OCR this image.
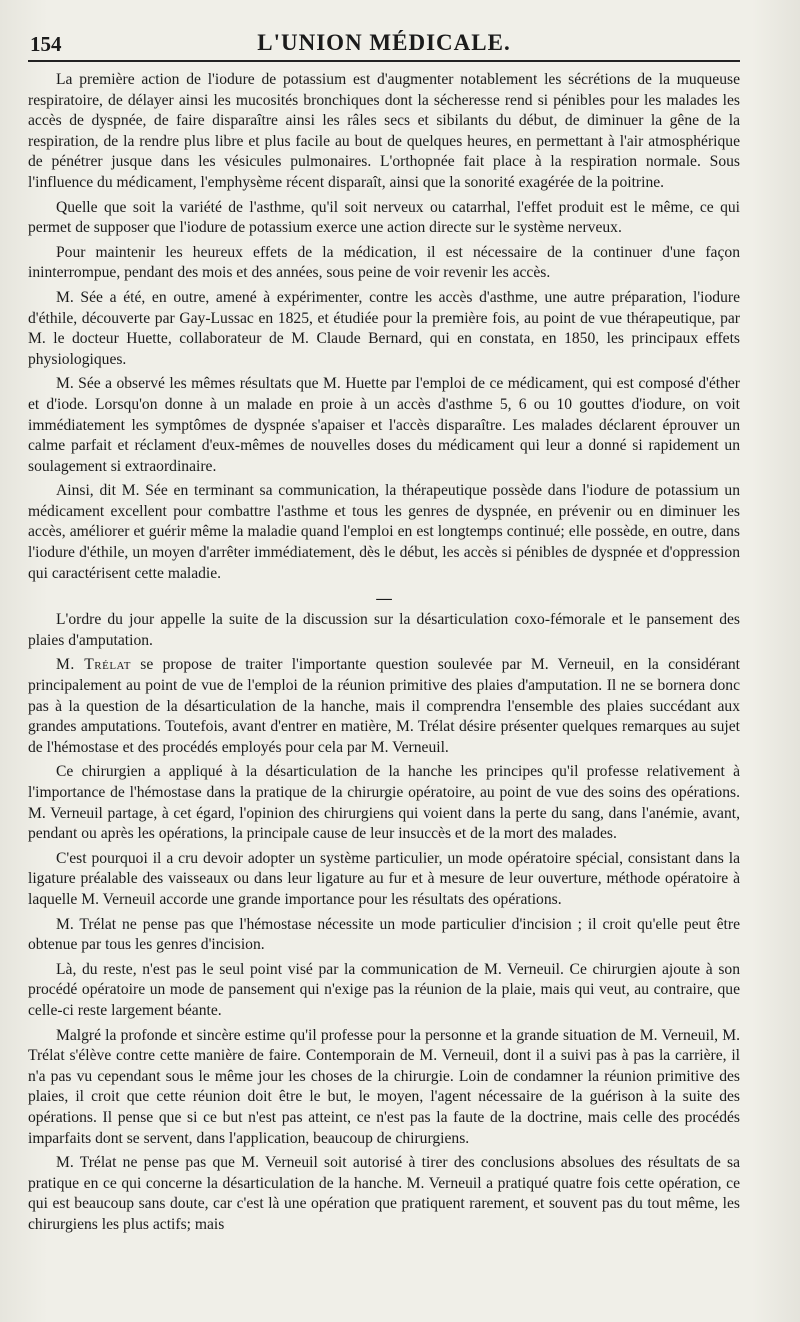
154	L'UNION MÉDICALE.

La première action de l'iodure de potassium est d'augmenter notablement les sécrétions de la muqueuse respiratoire, de délayer ainsi les mucosités bronchiques dont la sécheresse rend si pénibles pour les malades les accès de dyspnée, de faire disparaître ainsi les râles secs et sibilants du début, de diminuer la gêne de la respiration, de la rendre plus libre et plus facile au bout de quelques heures, en permettant à l'air atmosphérique de pénétrer jusque dans les vésicules pulmonaires. L'orthopnée fait place à la respiration normale. Sous l'influence du médicament, l'emphysème récent disparaît, ainsi que la sonorité exagérée de la poitrine.

Quelle que soit la variété de l'asthme, qu'il soit nerveux ou catarrhal, l'effet produit est le même, ce qui permet de supposer que l'iodure de potassium exerce une action directe sur le système nerveux.

Pour maintenir les heureux effets de la médication, il est nécessaire de la continuer d'une façon ininterrompue, pendant des mois et des années, sous peine de voir revenir les accès.

M. Sée a été, en outre, amené à expérimenter, contre les accès d'asthme, une autre préparation, l'iodure d'éthile, découverte par Gay-Lussac en 1825, et étudiée pour la première fois, au point de vue thérapeutique, par M. le docteur Huette, collaborateur de M. Claude Bernard, qui en constata, en 1850, les principaux effets physiologiques.

M. Sée a observé les mêmes résultats que M. Huette par l'emploi de ce médicament, qui est composé d'éther et d'iode. Lorsqu'on donne à un malade en proie à un accès d'asthme 5, 6 ou 10 gouttes d'iodure, on voit immédiatement les symptômes de dyspnée s'apaiser et l'accès disparaître. Les malades déclarent éprouver un calme parfait et réclament d'eux-mêmes de nouvelles doses du médicament qui leur a donné si rapidement un soulagement si extraordinaire.

Ainsi, dit M. Sée en terminant sa communication, la thérapeutique possède dans l'iodure de potassium un médicament excellent pour combattre l'asthme et tous les genres de dyspnée, en prévenir ou en diminuer les accès, améliorer et guérir même la maladie quand l'emploi en est longtemps continué; elle possède, en outre, dans l'iodure d'éthile, un moyen d'arrêter immédiatement, dès le début, les accès si pénibles de dyspnée et d'oppression qui caractérisent cette maladie.

—

L'ordre du jour appelle la suite de la discussion sur la désarticulation coxo-fémorale et le pansement des plaies d'amputation.

M. Trélat se propose de traiter l'importante question soulevée par M. Verneuil, en la considérant principalement au point de vue de l'emploi de la réunion primitive des plaies d'amputation. Il ne se bornera donc pas à la question de la désarticulation de la hanche, mais il comprendra l'ensemble des plaies succédant aux grandes amputations. Toutefois, avant d'entrer en matière, M. Trélat désire présenter quelques remarques au sujet de l'hémostase et des procédés employés pour cela par M. Verneuil.

Ce chirurgien a appliqué à la désarticulation de la hanche les principes qu'il professe relativement à l'importance de l'hémostase dans la pratique de la chirurgie opératoire, au point de vue des soins des opérations. M. Verneuil partage, à cet égard, l'opinion des chirurgiens qui voient dans la perte du sang, dans l'anémie, avant, pendant ou après les opérations, la principale cause de leur insuccès et de la mort des malades.

C'est pourquoi il a cru devoir adopter un système particulier, un mode opératoire spécial, consistant dans la ligature préalable des vaisseaux ou dans leur ligature au fur et à mesure de leur ouverture, méthode opératoire à laquelle M. Verneuil accorde une grande importance pour les résultats des opérations.

M. Trélat ne pense pas que l'hémostase nécessite un mode particulier d'incision ; il croit qu'elle peut être obtenue par tous les genres d'incision.

Là, du reste, n'est pas le seul point visé par la communication de M. Verneuil. Ce chirurgien ajoute à son procédé opératoire un mode de pansement qui n'exige pas la réunion de la plaie, mais qui veut, au contraire, que celle-ci reste largement béante.

Malgré la profonde et sincère estime qu'il professe pour la personne et la grande situation de M. Verneuil, M. Trélat s'élève contre cette manière de faire. Contemporain de M. Verneuil, dont il a suivi pas à pas la carrière, il n'a pas vu cependant sous le même jour les choses de la chirurgie. Loin de condamner la réunion primitive des plaies, il croit que cette réunion doit être le but, le moyen, l'agent nécessaire de la guérison à la suite des opérations. Il pense que si ce but n'est pas atteint, ce n'est pas la faute de la doctrine, mais celle des procédés imparfaits dont se servent, dans l'application, beaucoup de chirurgiens.

M. Trélat ne pense pas que M. Verneuil soit autorisé à tirer des conclusions absolues des résultats de sa pratique en ce qui concerne la désarticulation de la hanche. M. Verneuil a pratiqué quatre fois cette opération, ce qui est beaucoup sans doute, car c'est là une opération que pratiquent rarement, et souvent pas du tout même, les chirurgiens les plus actifs; mais
